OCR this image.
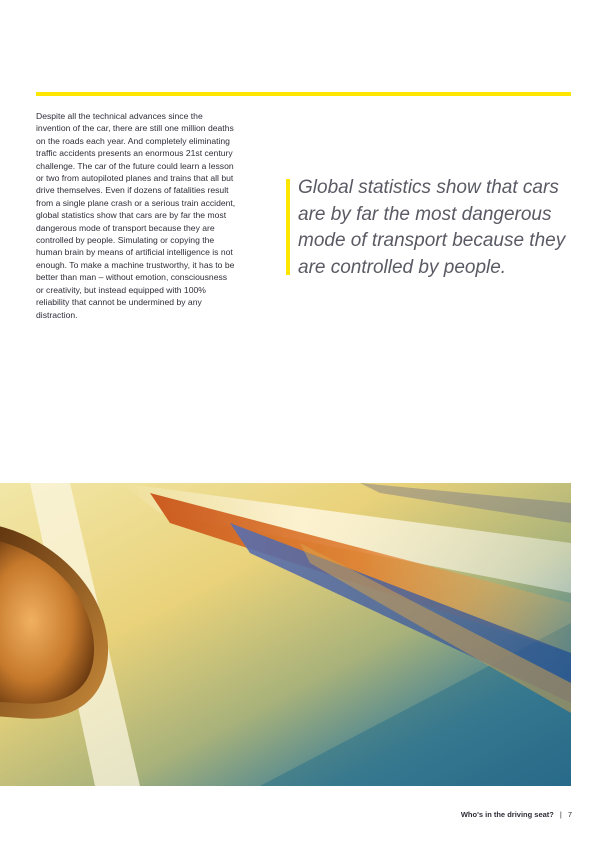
Despite all the technical advances since the invention of the car, there are still one million deaths on the roads each year. And completely eliminating traffic accidents presents an enormous 21st century challenge. The car of the future could learn a lesson or two from autopiloted planes and trains that all but drive themselves. Even if dozens of fatalities result from a single plane crash or a serious train accident, global statistics show that cars are by far the most dangerous mode of transport because they are controlled by people. Simulating or copying the human brain by means of artificial intelligence is not enough. To make a machine trustworthy, it has to be better than man – without emotion, consciousness or creativity, but instead equipped with 100% reliability that cannot be undermined by any distraction.

Global statistics show that cars are by far the most dangerous mode of transport because they are controlled by people.

Who's in the driving seat? | 7
